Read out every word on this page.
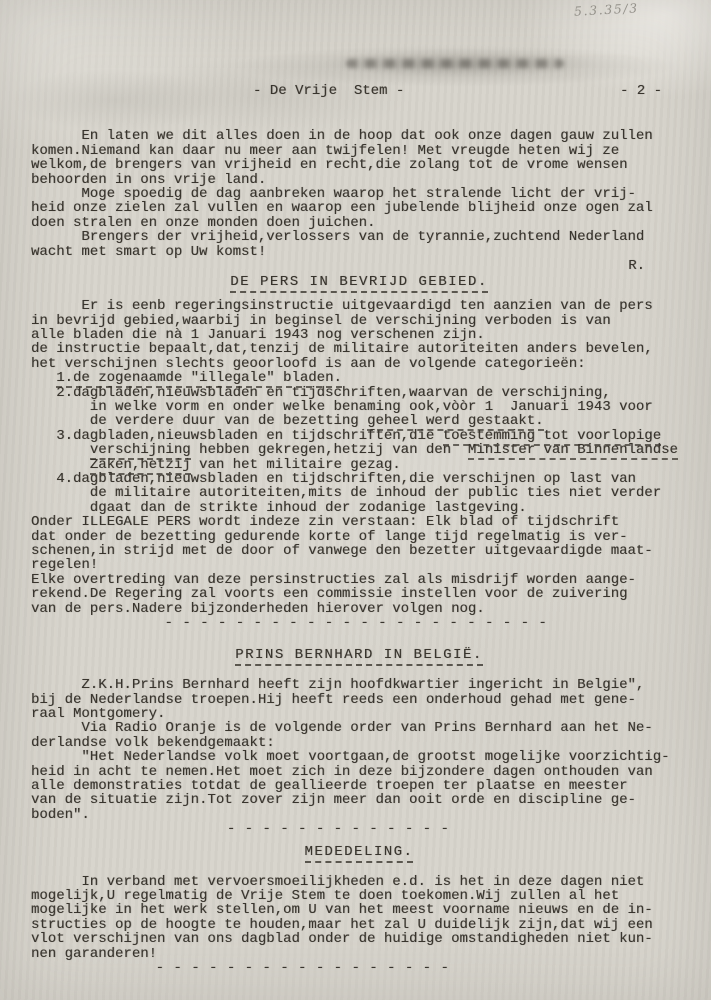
5.3.35/3
- De Vrije  Stem -	- 2 -
En laten we dit alles doen in de hoop dat ook onze dagen gauw zullen
komen.Niemand kan daar nu meer aan twijfelen! Met vreugde heten wij ze
welkom,de brengers van vrijheid en recht,die zolang tot de vrome wensen
behoorden in ons vrije land.
Moge spoedig de dag aanbreken waarop het stralende licht der vrij-
heid onze zielen zal vullen en waarop een jubelende blijheid onze ogen zal
doen stralen en onze monden doen juichen.
Brengers der vrijheid,verlossers van de tyrannie,zuchtend Nederland
wacht met smart op Uw komst!
R.
DE PERS IN BEVRIJD GEBIED.
Er is eenb regeringsinstructie uitgevaardigd ten aanzien van de pers
in bevrijd gebied,waarbij in beginsel de verschijning verboden is van
alle bladen die nà 1 Januari 1943 nog verschenen zijn.
de instructie bepaalt,dat,tenzij de militaire autoriteiten anders bevelen,
het verschijnen slechts geoorloofd is aan de volgende categorieën:
1.de zogenaamde "illegale" bladen.
2.dagbladen,nieuwsbladen en tijdschriften,waarvan de verschijning,
in welke vorm en onder welke benaming ook,vòòr 1  Januari 1943 voor
de verdere duur van de bezetting geheel werd gestaakt.
3.dagbladen,nieuwsbladen en tijdschriften,die toestemming tot voorlopige
verschijning hebben gekregen,hetzij van den  Minister van Binnenlandse
Zaken,hetzij van het militaire gezag.
4.dagbladen,nieuwsbladen en tijdschriften,die verschijnen op last van
de militaire autoriteiten,mits de inhoud der public ties niet verder
dgaat dan de strikte inhoud der zodanige lastgeving.
Onder ILLEGALE PERS wordt indeze zin verstaan: Elk blad of tijdschrift
dat onder de bezetting gedurende korte of lange tijd regelmatig is ver-
schenen,in strijd met de door of vanwege den bezetter uitgevaardigde maat-
regelen!
Elke overtreding van deze persinstructies zal als misdrijf worden aange-
rekend.De Regering zal voorts een commissie instellen voor de zuivering
van de pers.Nadere bijzonderheden hierover volgen nog.
- - - - - - - - - - - - - - - - - - - - - -
PRINS BERNHARD IN BELGIË.
Z.K.H.Prins Bernhard heeft zijn hoofdkwartier ingericht in Belgie",
bij de Nederlandse troepen.Hij heeft reeds een onderhoud gehad met gene-
raal Montgomery.
Via Radio Oranje is de volgende order van Prins Bernhard aan het Ne-
derlandse volk bekendgemaakt:
"Het Nederlandse volk moet voortgaan,de grootst mogelijke voorzichtig-
heid in acht te nemen.Het moet zich in deze bijzondere dagen onthouden van
alle demonstraties totdat de geallieerde troepen ter plaatse en meester
van de situatie zijn.Tot zover zijn meer dan ooit orde en discipline ge-
boden".
- - - - - - - - - - - - -
MEDEDELING.
In verband met vervoersmoeilijkheden e.d. is het in deze dagen niet
mogelijk,U regelmatig de Vrije Stem te doen toekomen.Wij zullen al het
mogelijke in het werk stellen,om U van het meest voorname nieuws en de in-
structies op de hoogte te houden,maar het zal U duidelijk zijn,dat wij een
vlot verschijnen van ons dagblad onder de huidige omstandigheden niet kun-
nen garanderen!
- - - - - - - - - - - - - - - - -
